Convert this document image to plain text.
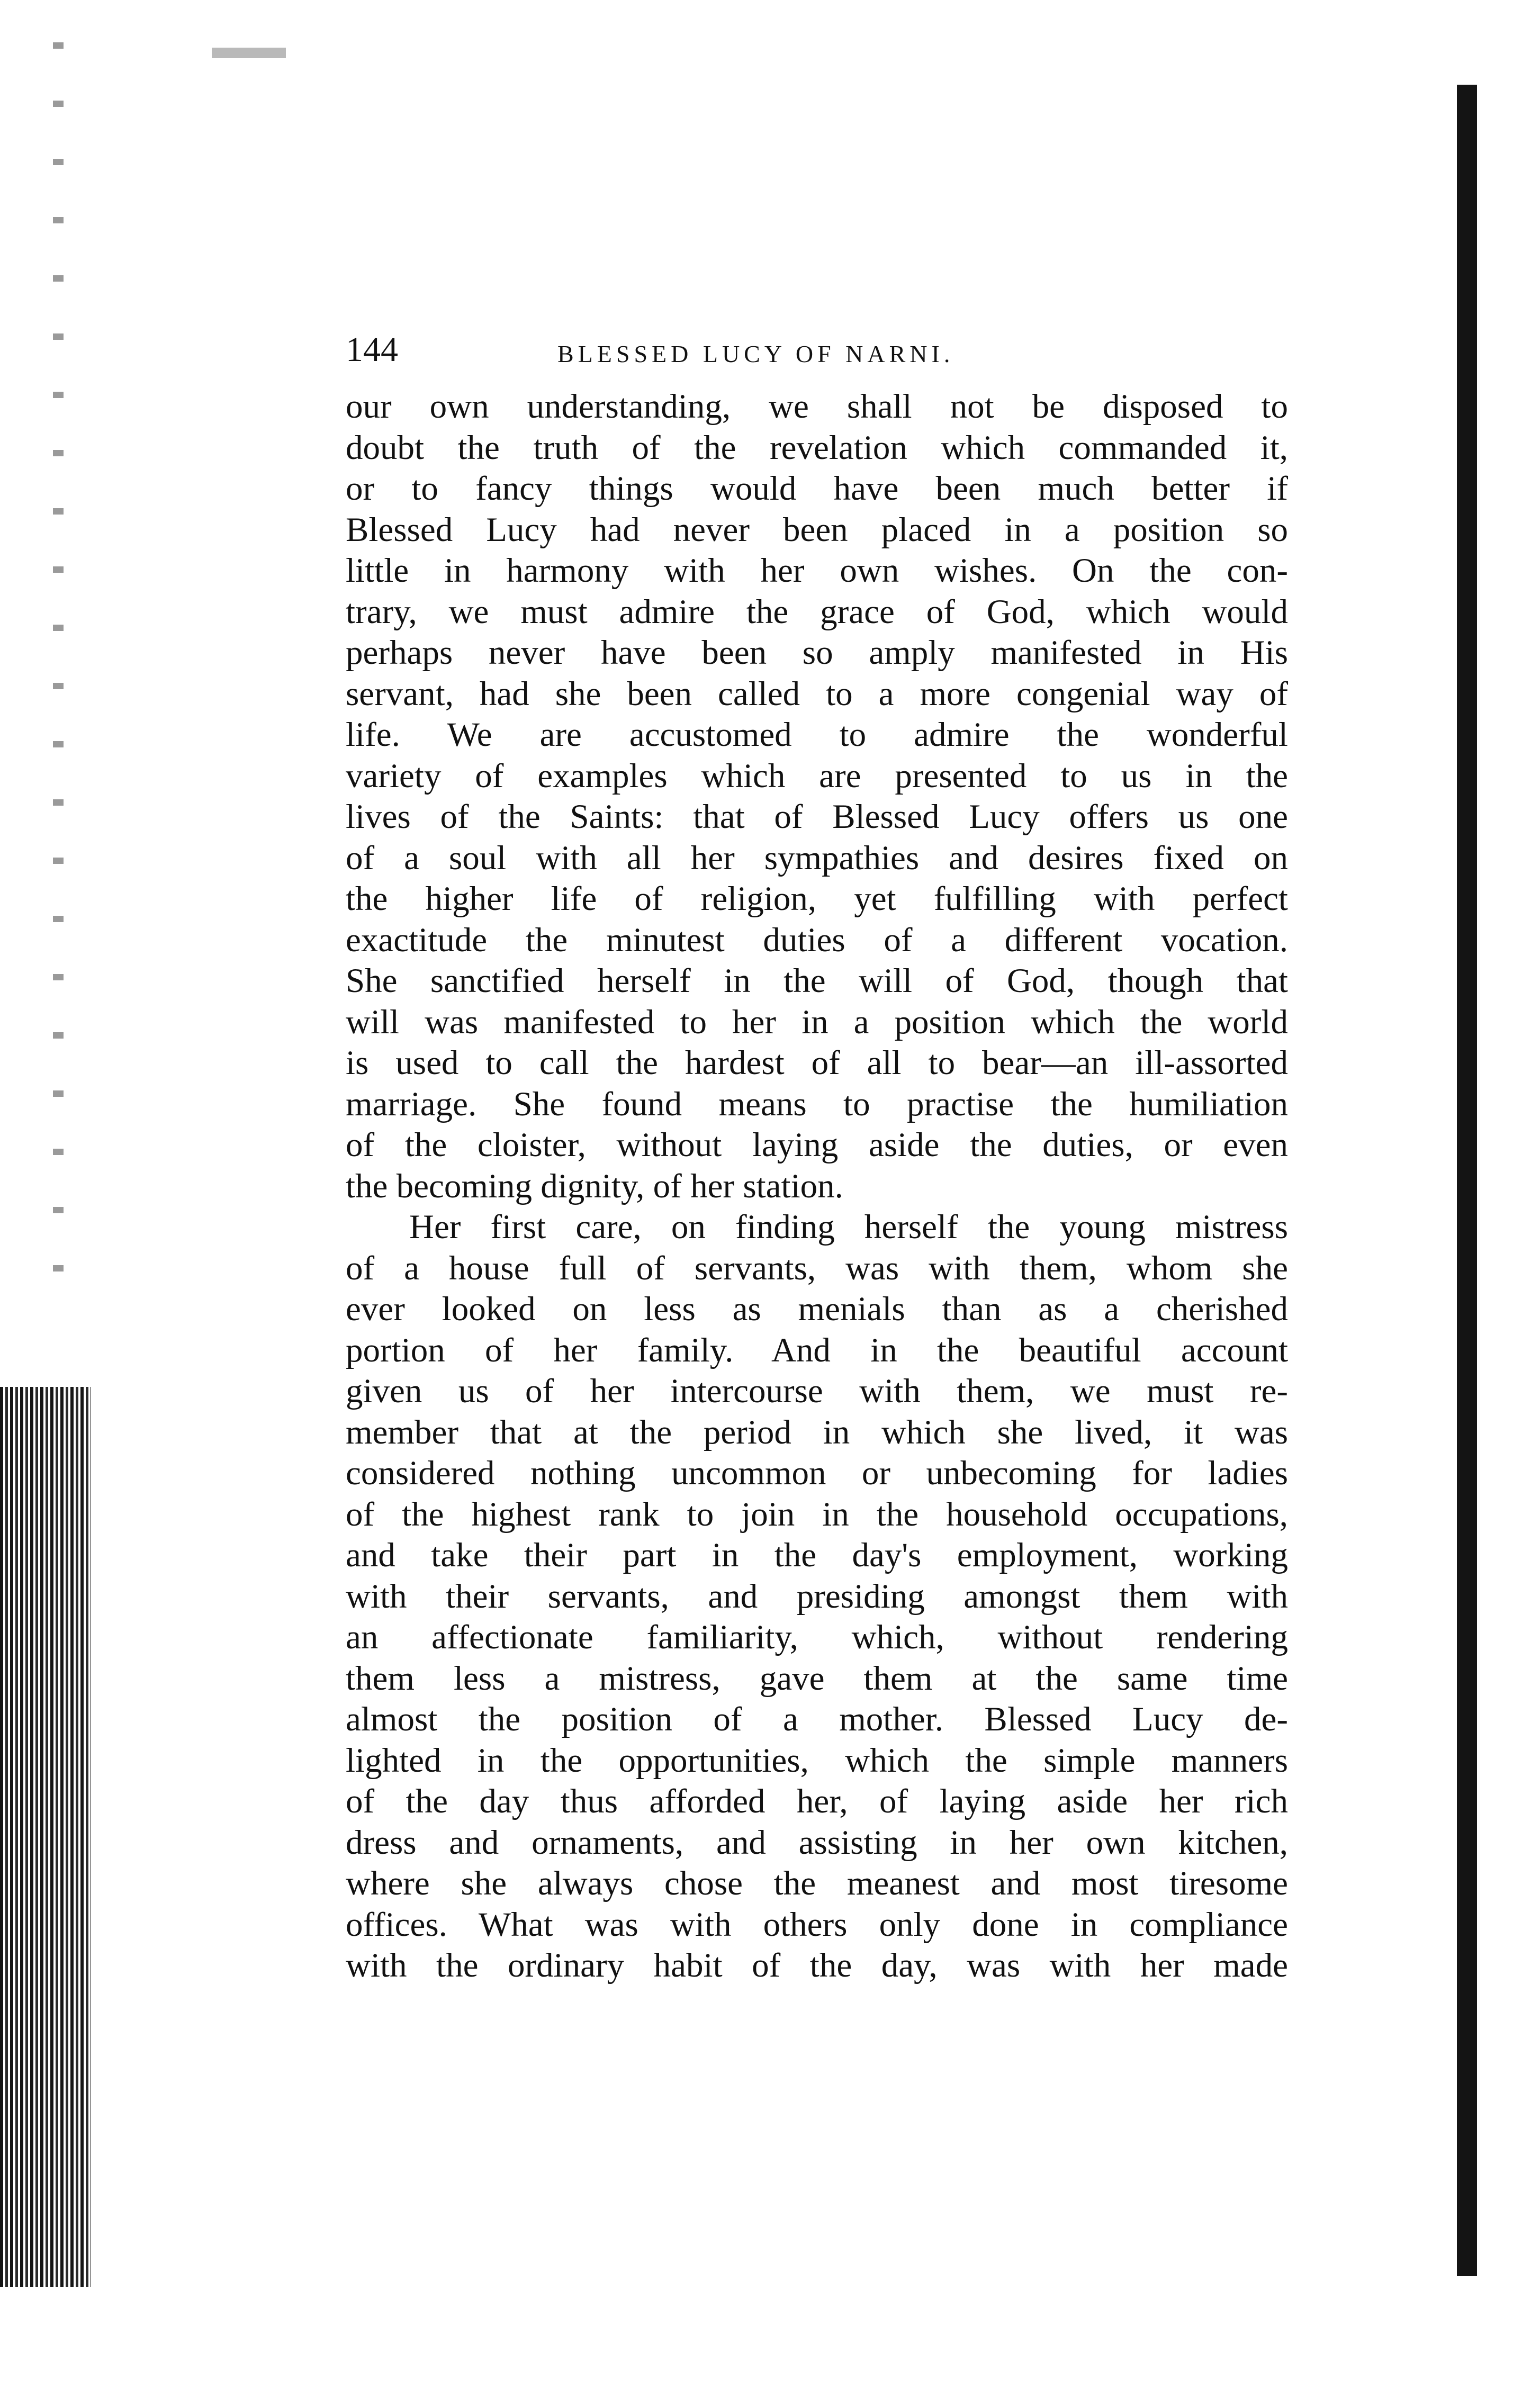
144	BLESSED LUCY OF NARNI.
our own understanding, we shall not be disposed to
doubt the truth of the revelation which commanded it,
or to fancy things would have been much better if
Blessed Lucy had never been placed in a position so
little in harmony with her own wishes. On the con-
trary, we must admire the grace of God, which would
perhaps never have been so amply manifested in His
servant, had she been called to a more congenial way of
life. We are accustomed to admire the wonderful
variety of examples which are presented to us in the
lives of the Saints: that of Blessed Lucy offers us one
of a soul with all her sympathies and desires fixed on
the higher life of religion, yet fulfilling with perfect
exactitude the minutest duties of a different vocation.
She sanctified herself in the will of God, though that
will was manifested to her in a position which the world
is used to call the hardest of all to bear—an ill-assorted
marriage. She found means to practise the humiliation
of the cloister, without laying aside the duties, or even
the becoming dignity, of her station.
Her first care, on finding herself the young mistress
of a house full of servants, was with them, whom she
ever looked on less as menials than as a cherished
portion of her family. And in the beautiful account
given us of her intercourse with them, we must re-
member that at the period in which she lived, it was
considered nothing uncommon or unbecoming for ladies
of the highest rank to join in the household occupations,
and take their part in the day's employment, working
with their servants, and presiding amongst them with
an affectionate familiarity, which, without rendering
them less a mistress, gave them at the same time
almost the position of a mother. Blessed Lucy de-
lighted in the opportunities, which the simple manners
of the day thus afforded her, of laying aside her rich
dress and ornaments, and assisting in her own kitchen,
where she always chose the meanest and most tiresome
offices. What was with others only done in compliance
with the ordinary habit of the day, was with her made
